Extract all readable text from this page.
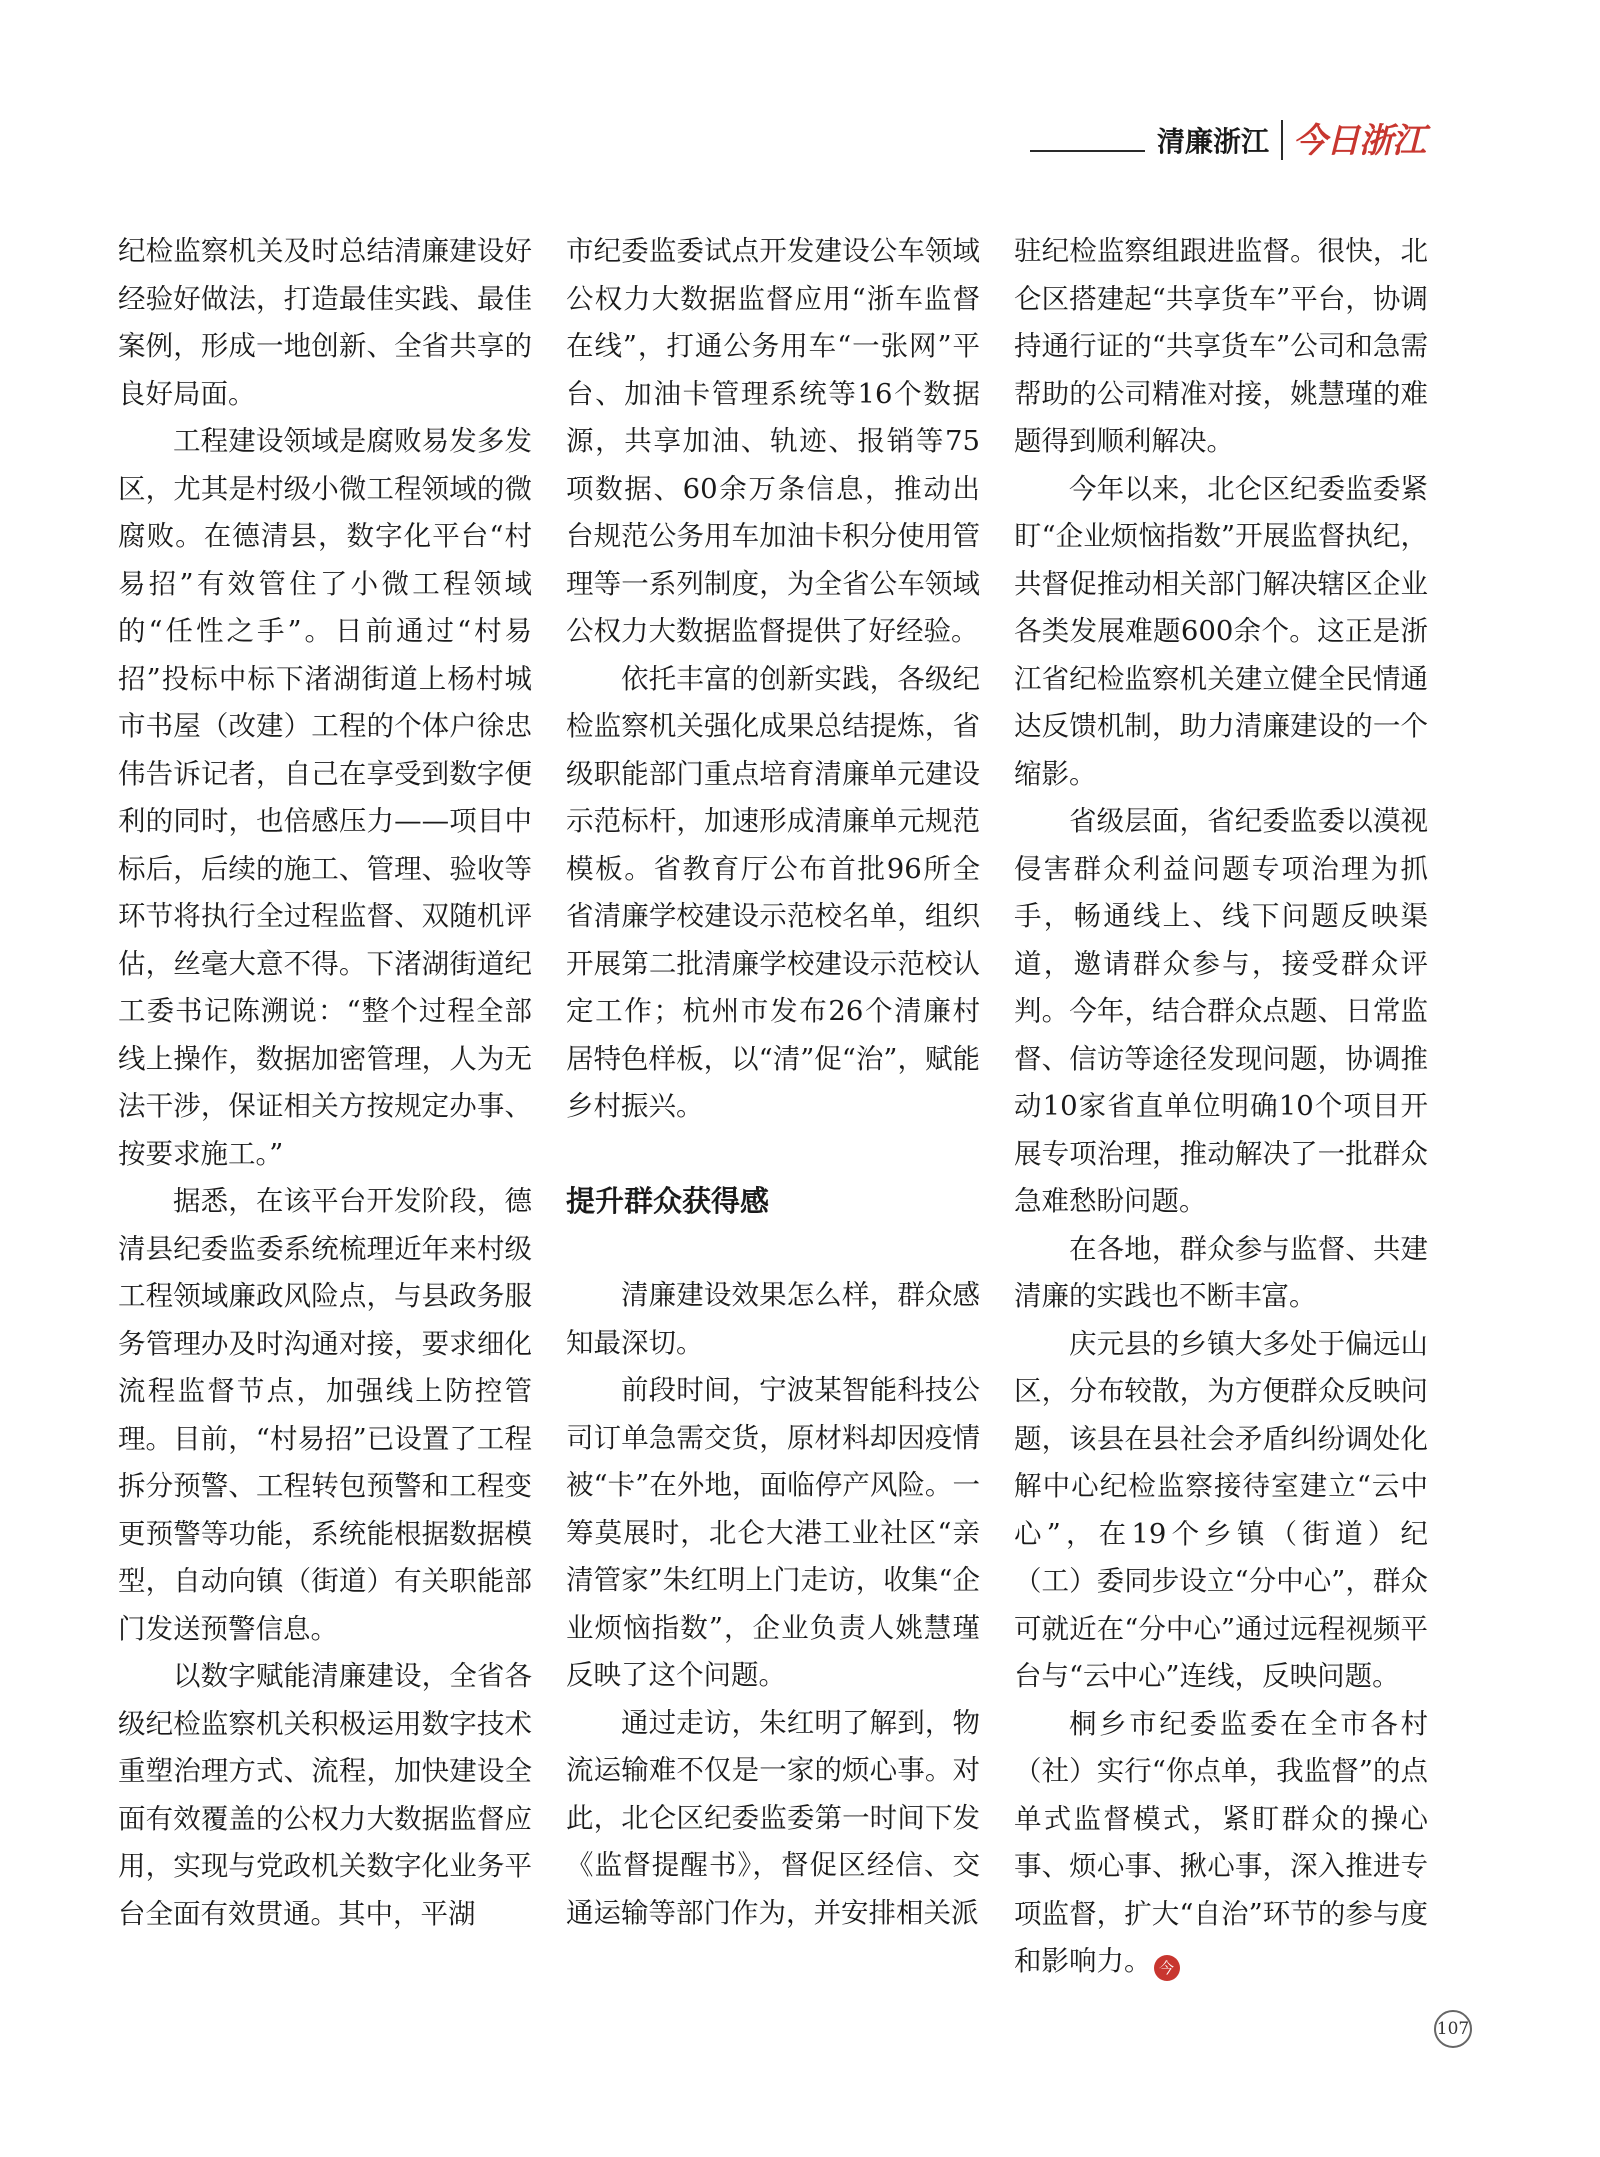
清廉浙江 今日浙江

纪检监察机关及时总结清廉建设好经验好做法，打造最佳实践、最佳案例，形成一地创新、全省共享的良好局面。

工程建设领域是腐败易发多发区，尤其是村级小微工程领域的微腐败。在德清县，数字化平台“村易招”有效管住了小微工程领域的“任性之手”。日前通过“村易招”投标中标下渚湖街道上杨村城市书屋（改建）工程的个体户徐忠伟告诉记者，自己在享受到数字便利的同时，也倍感压力——项目中标后，后续的施工、管理、验收等环节将执行全过程监督、双随机评估，丝毫大意不得。下渚湖街道纪工委书记陈溯说：“整个过程全部线上操作，数据加密管理，人为无法干涉，保证相关方按规定办事、按要求施工。”

据悉，在该平台开发阶段，德清县纪委监委系统梳理近年来村级工程领域廉政风险点，与县政务服务管理办及时沟通对接，要求细化流程监督节点，加强线上防控管理。目前，“村易招”已设置了工程拆分预警、工程转包预警和工程变更预警等功能，系统能根据数据模型，自动向镇（街道）有关职能部门发送预警信息。

以数字赋能清廉建设，全省各级纪检监察机关积极运用数字技术重塑治理方式、流程，加快建设全面有效覆盖的公权力大数据监督应用，实现与党政机关数字化业务平台全面有效贯通。其中，平湖

市纪委监委试点开发建设公车领域公权力大数据监督应用“浙车监督在线”，打通公务用车“一张网”平台、加油卡管理系统等16个数据源，共享加油、轨迹、报销等75项数据、60余万条信息，推动出台规范公务用车加油卡积分使用管理等一系列制度，为全省公车领域公权力大数据监督提供了好经验。

依托丰富的创新实践，各级纪检监察机关强化成果总结提炼，省级职能部门重点培育清廉单元建设示范标杆，加速形成清廉单元规范模板。省教育厅公布首批96所全省清廉学校建设示范校名单，组织开展第二批清廉学校建设示范校认定工作；杭州市发布26个清廉村居特色样板，以“清”促“治”，赋能乡村振兴。

提升群众获得感

清廉建设效果怎么样，群众感知最深切。

前段时间，宁波某智能科技公司订单急需交货，原材料却因疫情被“卡”在外地，面临停产风险。一筹莫展时，北仑大港工业社区“亲清管家”朱红明上门走访，收集“企业烦恼指数”，企业负责人姚慧瑾反映了这个问题。

通过走访，朱红明了解到，物流运输难不仅是一家的烦心事。对此，北仑区纪委监委第一时间下发《监督提醒书》，督促区经信、交通运输等部门作为，并安排相关派

驻纪检监察组跟进监督。很快，北仑区搭建起“共享货车”平台，协调持通行证的“共享货车”公司和急需帮助的公司精准对接，姚慧瑾的难题得到顺利解决。

今年以来，北仑区纪委监委紧盯“企业烦恼指数”开展监督执纪，共督促推动相关部门解决辖区企业各类发展难题600余个。这正是浙江省纪检监察机关建立健全民情通达反馈机制，助力清廉建设的一个缩影。

省级层面，省纪委监委以漠视侵害群众利益问题专项治理为抓手，畅通线上、线下问题反映渠道，邀请群众参与，接受群众评判。今年，结合群众点题、日常监督、信访等途径发现问题，协调推动10家省直单位明确10个项目开展专项治理，推动解决了一批群众急难愁盼问题。

在各地，群众参与监督、共建清廉的实践也不断丰富。

庆元县的乡镇大多处于偏远山区，分布较散，为方便群众反映问题，该县在县社会矛盾纠纷调处化解中心纪检监察接待室建立“云中心”，在19个乡镇（街道）纪（工）委同步设立“分中心”，群众可就近在“分中心”通过远程视频平台与“云中心”连线，反映问题。

桐乡市纪委监委在全市各村（社）实行“你点单，我监督”的点单式监督模式，紧盯群众的操心事、烦心事、揪心事，深入推进专项监督，扩大“自治”环节的参与度和影响力。 今

107
